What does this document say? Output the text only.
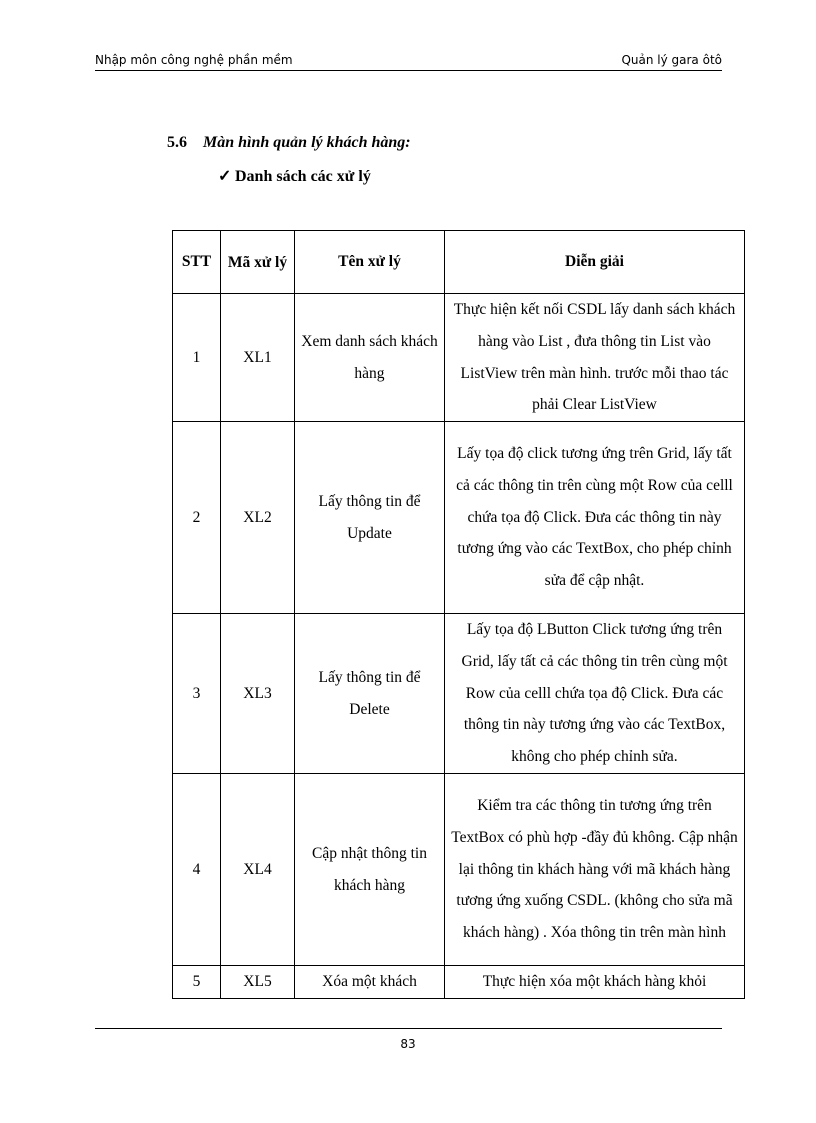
Nhập môn công nghệ phần mềm	Quản lý gara ôtô
5.6 Màn hình quản lý khách hàng:
✓ Danh sách các xử lý
STT	Mã xử lý	Tên xử lý	Diễn giải
1	XL1	Xem danh sách khách hàng	Thực hiện kết nối CSDL lấy danh sách khách hàng vào List , đưa thông tin List vào ListView trên màn hình. trước mỗi thao tác phải Clear ListView
2	XL2	Lấy thông tin để Update	Lấy tọa độ click tương ứng trên Grid, lấy tất cả các thông tin trên cùng một Row của celll chứa tọa độ Click. Đưa các thông tin này tương ứng vào các TextBox, cho phép chỉnh sửa để cập nhật.
3	XL3	Lấy thông tin để Delete	Lấy tọa độ LButton Click tương ứng trên Grid, lấy tất cả các thông tin trên cùng một Row của celll chứa tọa độ Click. Đưa các thông tin này tương ứng vào các TextBox, không cho phép chỉnh sửa.
4	XL4	Cập nhật thông tin khách hàng	Kiểm tra các thông tin tương ứng trên TextBox có phù hợp -đầy đủ không. Cập nhận lại thông tin khách hàng với mã khách hàng tương ứng xuống CSDL. (không cho sửa mã khách hàng) . Xóa thông tin trên màn hình
5	XL5	Xóa một khách	Thực hiện xóa một khách hàng khỏi
83
